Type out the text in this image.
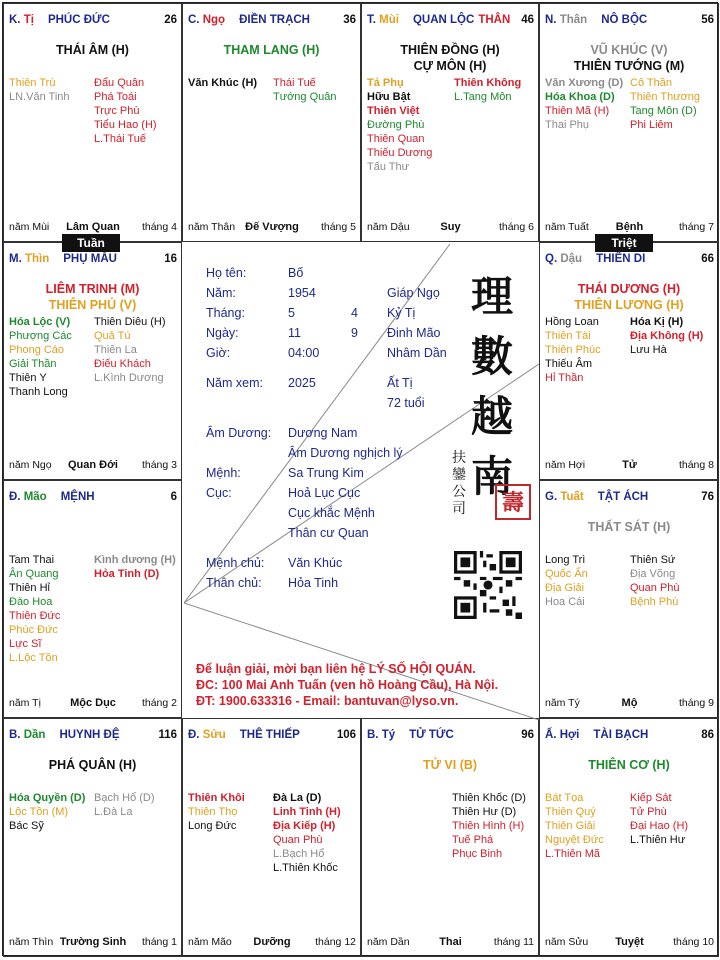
K. Tị PHÚC ĐỨC	26
THÁI ÂM (H)
Thiên Trù
LN.Văn Tinh
Đẩu Quân
Phá Toái
Trực Phù
Tiểu Hao (H)
L.Thái Tuế
năm Mùi	Lâm Quan	tháng 4
C. Ngọ ĐIỀN TRẠCH	36
THAM LANG (H)
Văn Khúc (H) Thái Tuế
Tướng Quân
năm Thân Đế Vượng	tháng 5
T. Mùi QUAN LỘC THÂN 46
THIÊN ĐỒNG (H)
CỰ MÔN (H)
Tả Phụ
Hữu Bật
Thiên Việt
Đường Phù
Thiên Quan
Thiếu Dương
Tấu Thư
Thiên Không
L.Tang Môn
năm Dậu	Suy	tháng 6
N. Thân NÔ BỘC	56
VŨ KHÚC (V)
THIÊN TƯỚNG (M)
Văn Xương (D)
Hóa Khoa (D)
Thiên Mã (H)
Thai Phụ
Cô Thần
Thiên Thương
Tang Môn (D)
Phi Liêm
năm Tuất	Bệnh	tháng 7
Q. Dậu THIÊN DI	66
THÁI DƯƠNG (H)
THIÊN LƯƠNG (H)
Hồng Loan
Thiên Tài
Thiên Phúc
Thiếu Âm
Hỉ Thần
Hóa Kị (H)
Địa Không (H)
Lưu Hà
năm Hợi	Tử	tháng 8
G. Tuất TẬT ÁCH	76
THẤT SÁT (H)
Long Trì
Quốc Ấn
Địa Giải
Hoa Cái
Thiên Sứ
Địa Võng
Quan Phù
Bệnh Phù
năm Tý	Mộ	tháng 9
Ấ. Hợi TÀI BẠCH	86
THIÊN CƠ (H)
Bát Tọa
Thiên Quý
Thiên Giải
Nguyệt Đức
L.Thiên Mã
Kiếp Sát
Tử Phù
Đại Hao (H)
L.Thiên Hư
năm Sửu	Tuyệt	tháng 10
B. Tý TỬ TỨC	96
TỬ VI (B)
Thiên Khốc (D)
Thiên Hư (D)
Thiên Hình (H)
Tuế Phá
Phục Binh
năm Dần	Thai	tháng 11
Đ. Sửu THÊ THIẾP	106
Thiên Khôi
Thiên Thọ
Long Đức
Đà La (D)
Linh Tinh (H)
Địa Kiếp (H)
Quan Phù
L.Bạch Hổ
L.Thiên Khốc
năm Mão	Dưỡng	tháng 12
B. Dần HUYNH ĐỆ	116
PHÁ QUÂN (H)
Hóa Quyền (D)
Lộc Tồn (M)
Bác Sỹ
Bạch Hổ (D)
L.Đà La
năm Thìn Trường Sinh	tháng 1
Đ. Mão MỆNH	6
Tam Thai
Ân Quang
Thiên Hỉ
Đào Hoa
Thiên Đức
Phúc Đức
Lực Sĩ
L.Lộc Tồn
Kình dương (H)
Hỏa Tinh (D)
năm Tị	Mộc Dục	tháng 2
M. Thìn PHỤ MẪU	16
LIÊM TRINH (M)
THIÊN PHỦ (V)
Hóa Lộc (V)
Phượng Các
Phong Cáo
Giải Thần
Thiên Y
Thanh Long
Thiên Diêu (H)
Quả Tú
Thiên La
Điếu Khách
L.Kình Dương
năm Ngọ	Quan Đới	tháng 3
Tuần	Triệt
Họ tên:	Bố
Năm:	1954	Giáp Ngọ
Tháng:	5	4 Kỷ Tị
Ngày:	11	9 Đinh Mão
Giờ:	04:00	Nhâm Dần
Năm xem: 2025	Ất Tị
72 tuổi
Âm Dương: Dương Nam
Âm Dương nghịch lý
Mệnh:	Sa Trung Kim
Cục:	Hoả Lục Cục
Cục khắc Mệnh
Thân cư Quan
Mệnh chủ: Văn Khúc
Thân chủ: Hỏa Tinh
理
數
越
南
扶鑾公司	壽
Để luận giải, mời bạn liên hệ LÝ SỐ HỘI QUÁN.
ĐC: 100 Mai Anh Tuấn (ven hồ Hoàng Cầu), Hà Nội.
ĐT: 1900.633316 - Email: bantuvan@lyso.vn.
